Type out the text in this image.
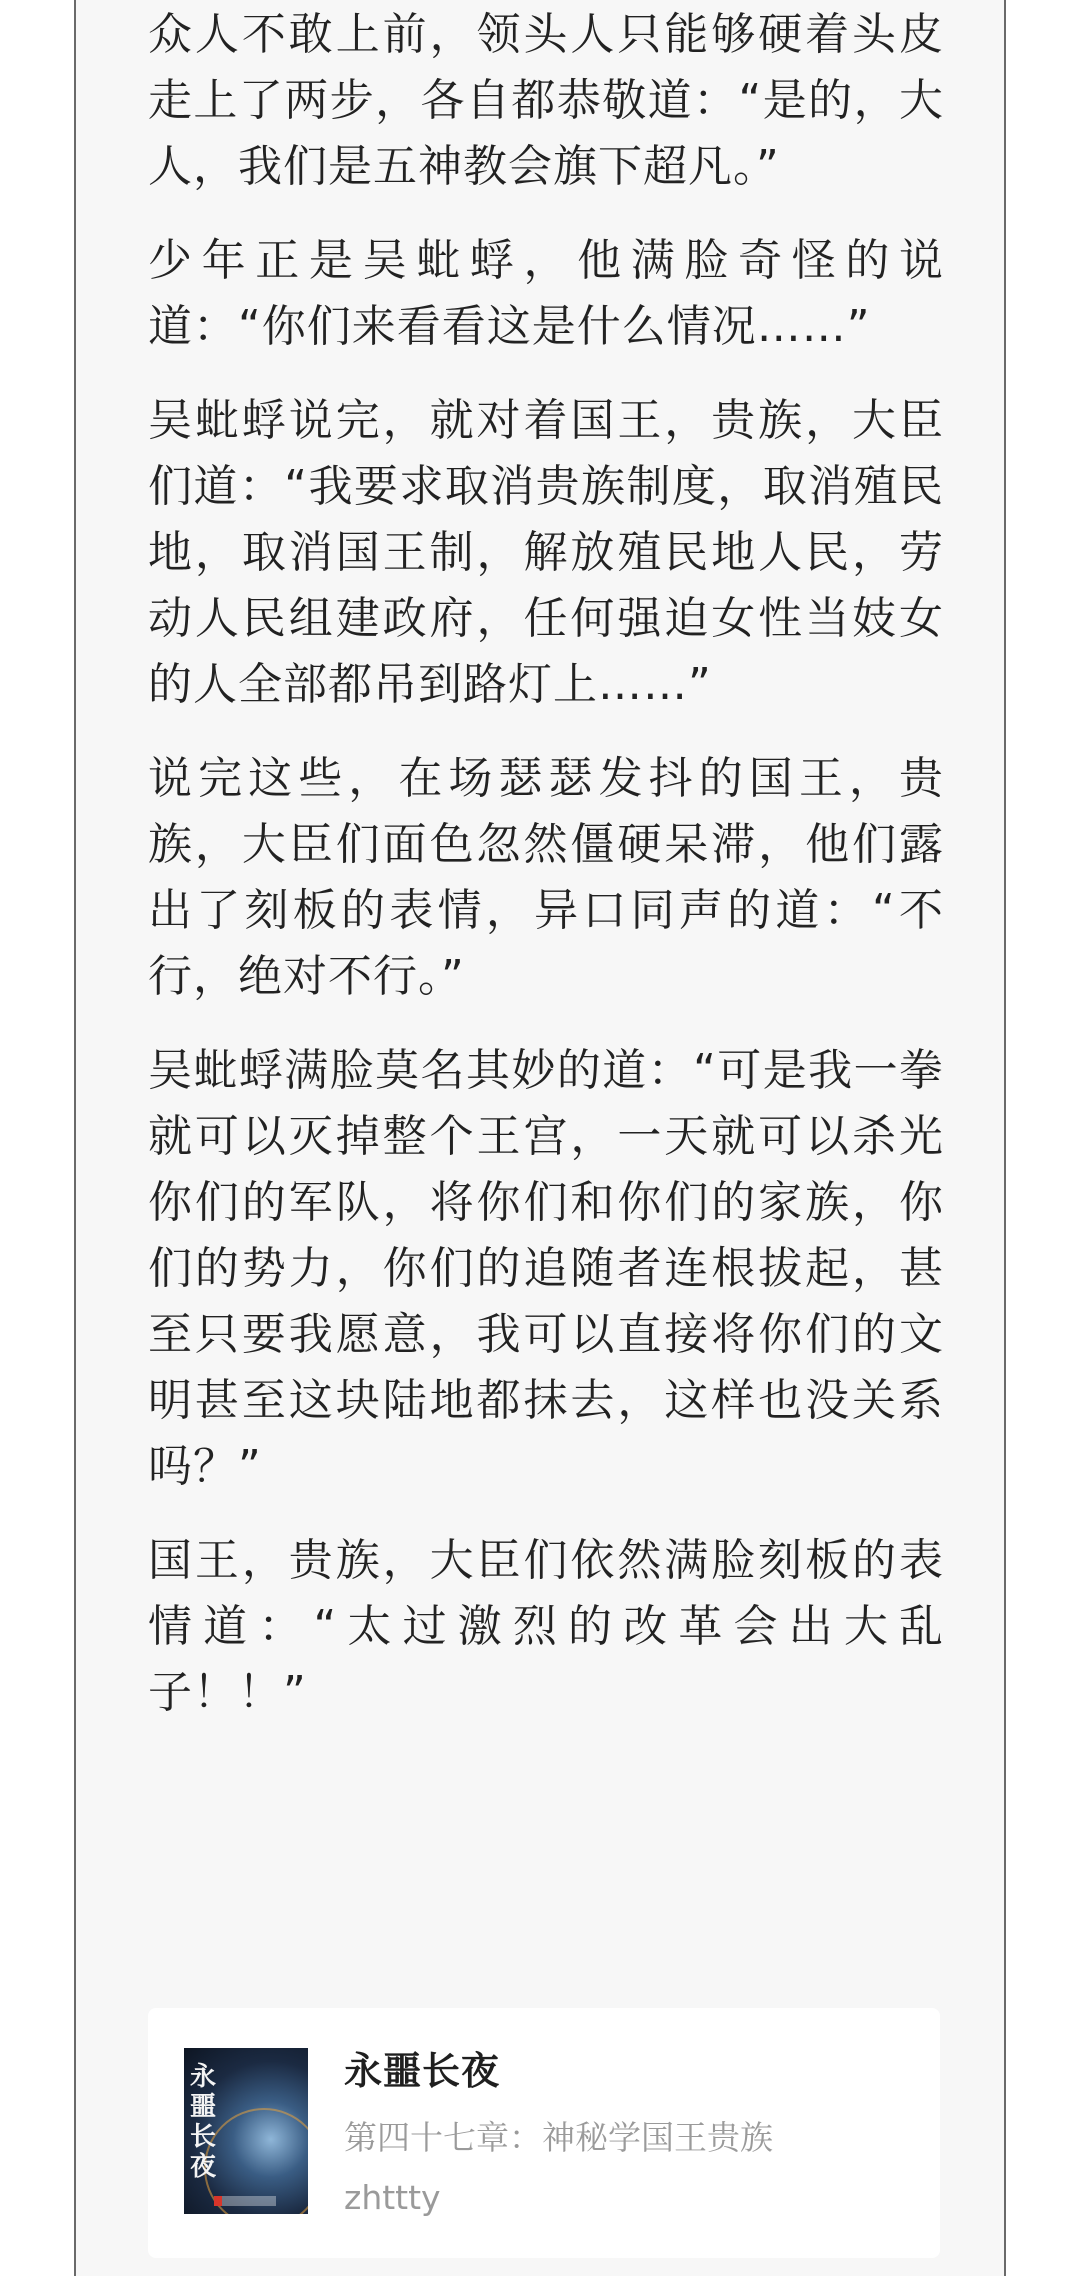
众人不敢上前，领头人只能够硬着头皮走上了两步，各自都恭敬道：“是的，大人，我们是五神教会旗下超凡。”

少年正是吴蚍蜉，他满脸奇怪的说道：“你们来看看这是什么情况……”

吴蚍蜉说完，就对着国王，贵族，大臣们道：“我要求取消贵族制度，取消殖民地，取消国王制，解放殖民地人民，劳动人民组建政府，任何强迫女性当妓女的人全部都吊到路灯上……”

说完这些，在场瑟瑟发抖的国王，贵族，大臣们面色忽然僵硬呆滞，他们露出了刻板的表情，异口同声的道：“不行，绝对不行。”

吴蚍蜉满脸莫名其妙的道：“可是我一拳就可以灭掉整个王宫，一天就可以杀光你们的军队，将你们和你们的家族，你们的势力，你们的追随者连根拔起，甚至只要我愿意，我可以直接将你们的文明甚至这块陆地都抹去，这样也没关系吗？”

国王，贵族，大臣们依然满脸刻板的表情道：“太过激烈的改革会出大乱子！！”

永噩长夜
永噩长夜
第四十七章：神秘学国王贵族
zhttty
